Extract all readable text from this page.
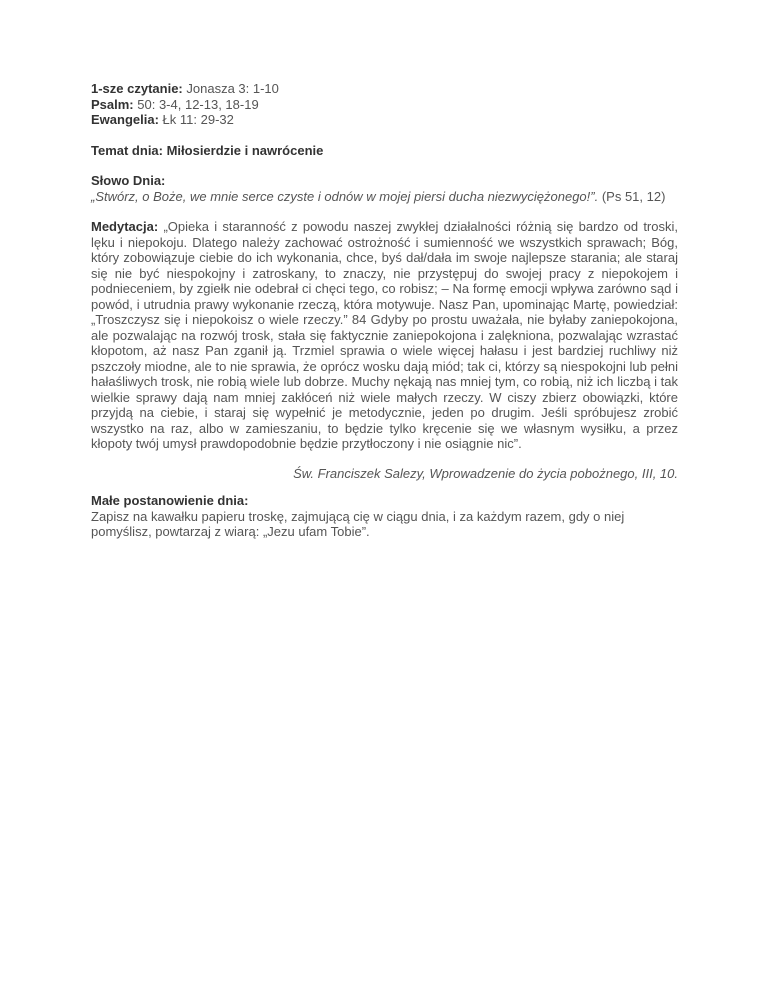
1-sze czytanie: Jonasza 3: 1-10
Psalm: 50: 3-4, 12-13, 18-19
Ewangelia: Łk 11: 29-32
Temat dnia: Miłosierdzie i nawrócenie
Słowo Dnia:
„Stwórz, o Boże, we mnie serce czyste i odnów w mojej piersi ducha niezwyciężonego!”. (Ps 51, 12)
Medytacja: „Opieka i staranność z powodu naszej zwykłej działalności różnią się bardzo od troski, lęku i niepokoju. Dlatego należy zachować ostrożność i sumienność we wszystkich sprawach; Bóg, który zobowiązuje ciebie do ich wykonania, chce, byś dał/dała im swoje najlepsze starania; ale staraj się nie być niespokojny i zatroskany, to znaczy, nie przystępuj do swojej pracy z niepokojem i podnieceniem, by zgiełk nie odebrał ci chęci tego, co robisz; – Na formę emocji wpływa zarówno sąd i powód, i utrudnia prawy wykonanie rzeczą, która motywuje. Nasz Pan, upominając Martę, powiedział: „Troszczysz się i niepokoisz o wiele rzeczy.” 84 Gdyby po prostu uważała, nie byłaby zaniepokojona, ale pozwalając na rozwój trosk, stała się faktycznie zaniepokojona i zalękniona, pozwalając wzrastać kłopotom, aż nasz Pan zganił ją. Trzmiel sprawia o wiele więcej hałasu i jest bardziej ruchliwy niż pszczoły miodne, ale to nie sprawia, że oprócz wosku dają miód; tak ci, którzy są niespokojni lub pełni hałaśliwych trosk, nie robią wiele lub dobrze. Muchy nękają nas mniej tym, co robią, niż ich liczbą i tak wielkie sprawy dają nam mniej zakłóceń niż wiele małych rzeczy. W ciszy zbierz obowiązki, które przyjdą na ciebie, i staraj się wypełnić je metodycznie, jeden po drugim. Jeśli spróbujesz zrobić wszystko na raz, albo w zamieszaniu, to będzie tylko kręcenie się we własnym wysiłku, a przez kłopoty twój umysł prawdopodobnie będzie przytłoczony i nie osiągnie nic”.
Św. Franciszek Salezy, Wprowadzenie do życia pobożnego, III, 10.
Małe postanowienie dnia:
Zapisz na kawałku papieru troskę, zajmującą cię w ciągu dnia, i za każdym razem, gdy o niej pomyślisz, powtarzaj z wiarą: „Jezu ufam Tobie”.
